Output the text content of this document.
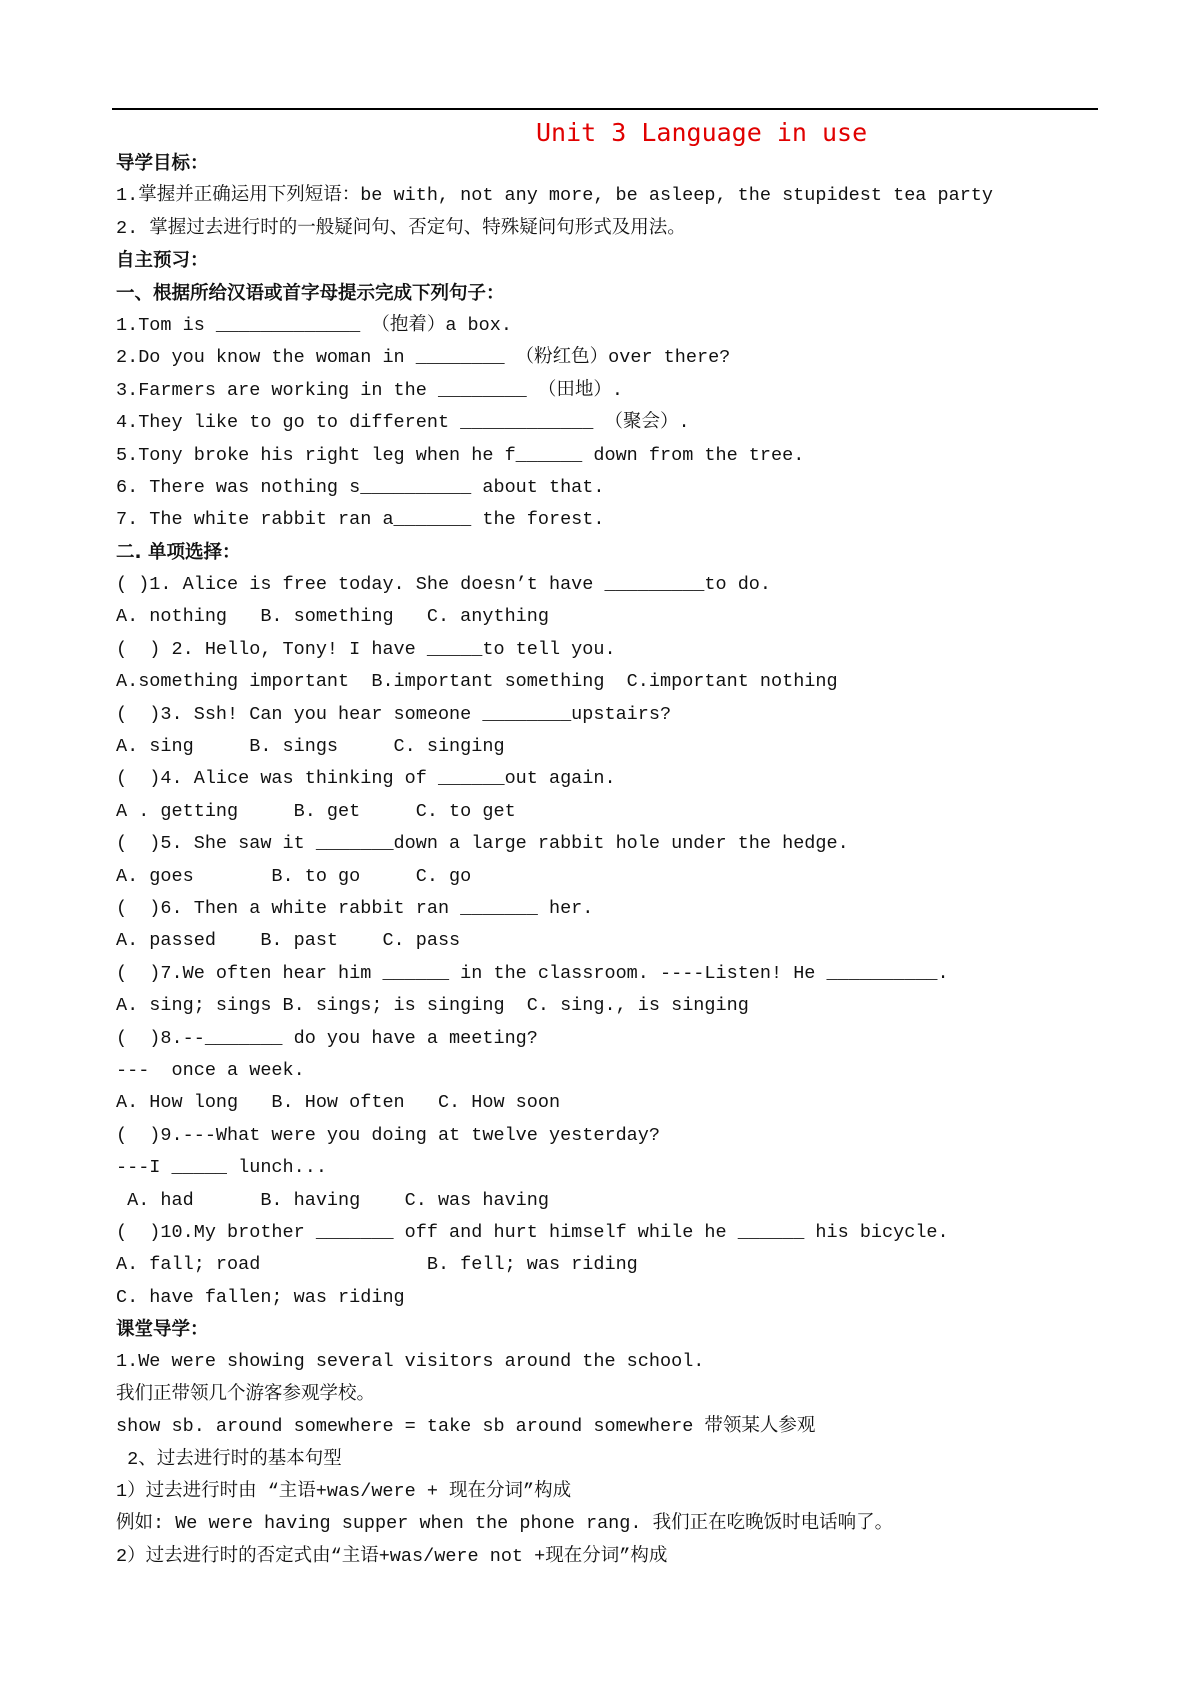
Unit 3 Language in use
导学目标：
1.掌握并正确运用下列短语：be with, not any more, be asleep, the stupidest tea party
2. 掌握过去进行时的一般疑问句、否定句、特殊疑问句形式及用法。
自主预习：
一、根据所给汉语或首字母提示完成下列句子：
1.Tom is _____________ （抱着）a box.
2.Do you know the woman in ________ （粉红色）over there?
3.Farmers are working in the ________ （田地）.
4.They like to go to different ____________ （聚会）.
5.Tony broke his right leg when he f______ down from the tree.
6. There was nothing s__________ about that.
7. The white rabbit ran a_______ the forest.
二. 单项选择：
( )1. Alice is free today. She doesn’t have _________to do.
A. nothing   B. something   C. anything
(  ) 2. Hello, Tony! I have _____to tell you.
A.something important  B.important something  C.important nothing
(  )3. Ssh! Can you hear someone ________upstairs?
A. sing     B. sings     C. singing
(  )4. Alice was thinking of ______out again.
A . getting     B. get     C. to get
(  )5. She saw it _______down a large rabbit hole under the hedge.
A. goes       B. to go     C. go
(  )6. Then a white rabbit ran _______ her.
A. passed    B. past    C. pass
(  )7.We often hear him ______ in the classroom. ----Listen! He __________.
A. sing; sings B. sings; is singing  C. sing., is singing
(  )8.--_______ do you have a meeting?
---  once a week.
A. How long   B. How often   C. How soon
(  )9.---What were you doing at twelve yesterday?
---I _____ lunch...
A. had      B. having    C. was having
(  )10.My brother _______ off and hurt himself while he ______ his bicycle.
A. fall; road               B. fell; was riding
C. have fallen; was riding
课堂导学：
1.We were showing several visitors around the school.
我们正带领几个游客参观学校。
show sb. around somewhere = take sb around somewhere 带领某人参观
2、过去进行时的基本句型
1）过去进行时由 “主语+was/were + 现在分词”构成
例如: We were having supper when the phone rang. 我们正在吃晚饭时电话响了。
2）过去进行时的否定式由“主语+was/were not +现在分词”构成
